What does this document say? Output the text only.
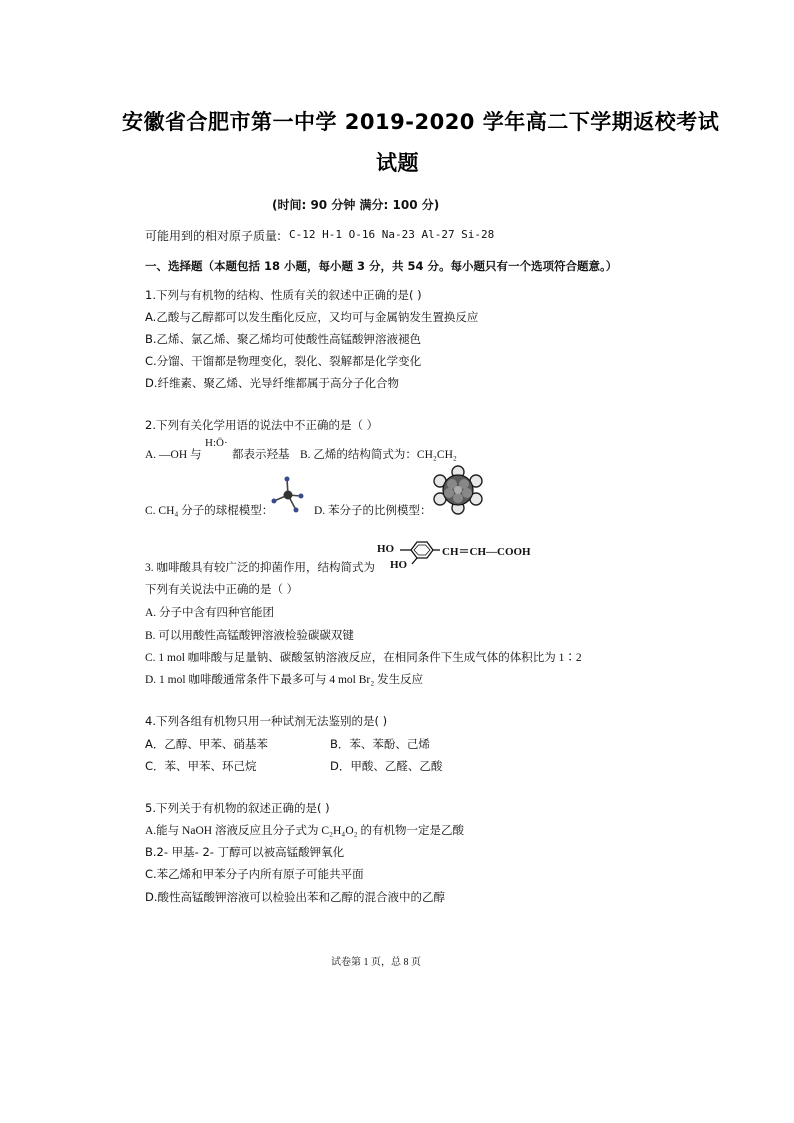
安徽省合肥市第一中学 2019-2020 学年高二下学期返校考试
试题
(时间: 90 分钟 满分: 100 分)
可能用到的相对原子质量: C-12 H-1 O-16 Na-23 Al-27 Si-28
一、选择题（本题包括 18 小题，每小题 3 分，共 54 分。每小题只有一个选项符合题意。）
1.下列与有机物的结构、性质有关的叙述中正确的是( )
A.乙酸与乙醇都可以发生酯化反应，又均可与金属钠发生置换反应
B.乙烯、氯乙烯、聚乙烯均可使酸性高锰酸钾溶液褪色
C.分馏、干馏都是物理变化，裂化、裂解都是化学变化
D.纤维素、聚乙烯、光导纤维都属于高分子化合物
2.下列有关化学用语的说法中不正确的是（ ）
A. —OH 与
H:Ö·
都表示羟基 B. 乙烯的结构简式为：CH₂CH₂
C. CH₄ 分子的球棍模型：	D. 苯分子的比例模型：
3. 咖啡酸具有较广泛的抑菌作用，结构简式为
HO
HO
CH＝CH—COOH
下列有关说法中正确的是（ ）
A. 分子中含有四种官能团
B. 可以用酸性高锰酸钾溶液检验碳碳双键
C. 1 mol 咖啡酸与足量钠、碳酸氢钠溶液反应，在相同条件下生成气体的体积比为 1∶2
D. 1 mol 咖啡酸通常条件下最多可与 4 mol Br₂ 发生反应
4.下列各组有机物只用一种试剂无法鉴别的是( )
A．乙醇、甲苯、硝基苯	B．苯、苯酚、己烯
C．苯、甲苯、环己烷	D．甲酸、乙醛、乙酸
5.下列关于有机物的叙述正确的是( )
A.能与 NaOH 溶液反应且分子式为 C₂H₄O₂ 的有机物一定是乙酸
B.2- 甲基- 2- 丁醇可以被高锰酸钾氧化
C.苯乙烯和甲苯分子内所有原子可能共平面
D.酸性高锰酸钾溶液可以检验出苯和乙醇的混合液中的乙醇
试卷第 1 页，总 8 页
